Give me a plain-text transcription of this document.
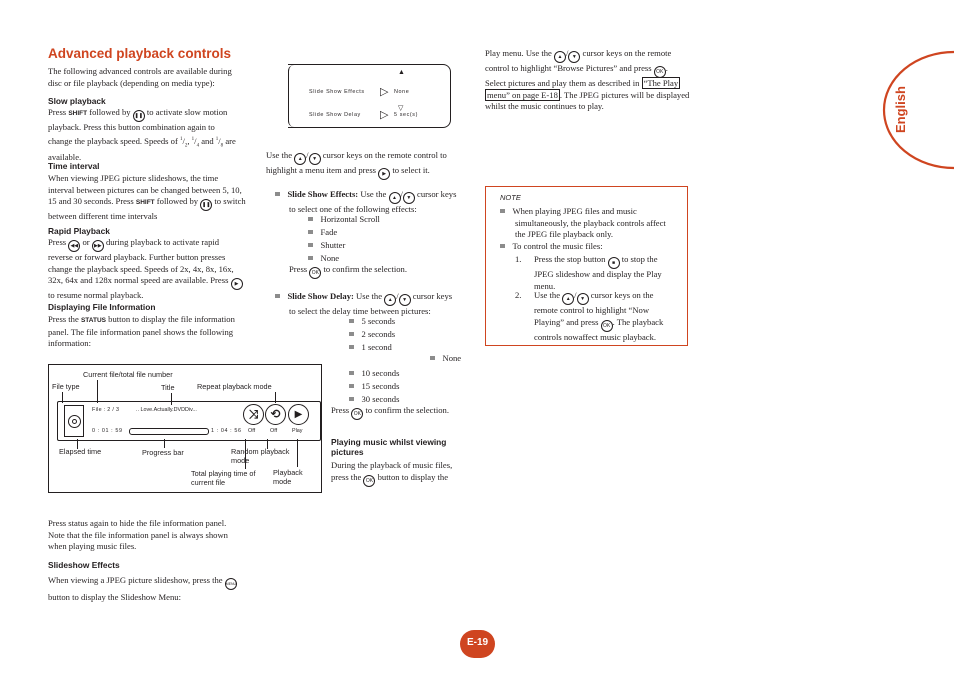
English
E-19
Advanced playback controls
The following advanced controls are available during disc or file playback (depending on media type):
Slow playback
Press SHIFT followed by ❚❚ to activate slow motion
playback. Press this button combination again to
change the playback speed. Speeds of $^1/_2$, $^1/_4$ and $^1/_8$ are
available.
Time interval
When viewing JPEG picture slideshows, the time
interval between pictures can be changed between 5, 10,
15 and 30 seconds. Press SHIFT followed by ❚❚ to switch
between different time intervals
Rapid Playback
Press ◀◀ or ▶▶ during playback to activate rapid
reverse or forward playback. Further button presses
change the playback speed. Speeds of 2x, 4x, 8x, 16x,
32x, 64x and 128x normal speed are available. Press ▶
to resume normal playback.
Displaying File Information
Press the STATUS button to display the file information
panel. The file information panel shows the following
information:
Current file/total file number
File type	Title	Repeat playback mode
File : 2 / 3	.. Love.Actually.DVDDiv...
0 : 01 : 59	1 : 04 : 56
⤨	⟲	▶
Off	Off	Play
Elapsed time	Progress bar	Random playback mode
Total playing time of current file
Playback mode
Press status again to hide the file information panel.
Note that the file information panel is always shown
when playing music files.
Slideshow Effects
When viewing a JPEG picture slideshow, press the MENU
button to display the Slideshow Menu:
▲
Slide Show Effects ▷ None
▽
Slide Show Delay ▷ 5 sec(s)
Use the ▲ / ▼ cursor keys on the remote control to
highlight a menu item and press ▶ to select it.
Slide Show Effects: Use the ▲ / ▼ cursor keys
to select one of the following effects:
Horizontal Scroll
Fade
Shutter
None
Press OK to confirm the selection.
Slide Show Delay: Use the ▲ / ▼ cursor keys
to select the delay time between pictures:
5 seconds
2 seconds
1 second
None
10 seconds
15 seconds
30 seconds
Press OK to confirm the selection.
Playing music whilst viewing
pictures
During the playback of music files,
press the OK button to display the
Play menu. Use the ▲ / ▼ cursor keys on the remote
control to highlight “Browse Pictures” and press OK .
Select pictures and play them as described in “The Play
menu” on page E-18 . The JPEG pictures will be displayed
whilst the music continues to play.
NOTE
When playing JPEG files and music
simultaneously, the playback controls affect
the JPEG file playback only.
To control the music files:
1. Press the stop button ■ to stop the
JPEG slideshow and display the Play
menu.
2. Use the ▲ / ▼ cursor keys on the
remote control to highlight “Now
Playing” and press OK . The playback
controls nowaffect music playback.
